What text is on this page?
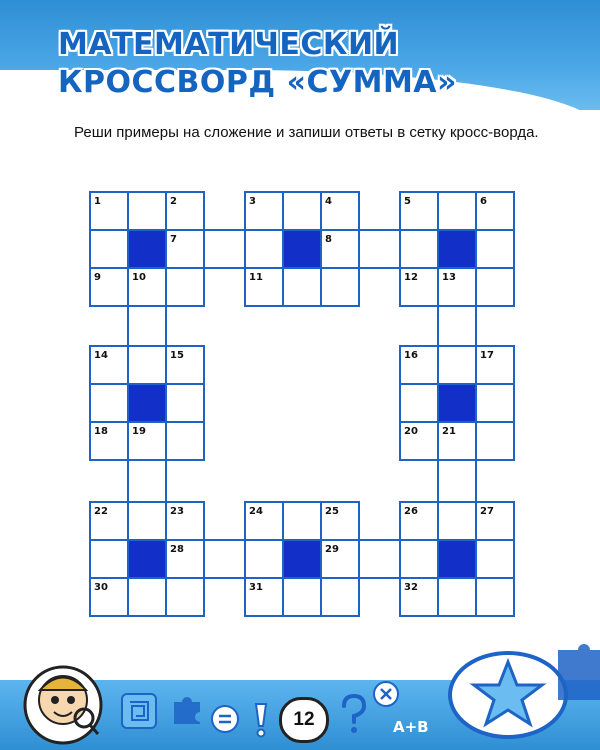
МАТЕМАТИЧЕСКИЙ
КРОССВОРД «СУММА»

Реши примеры на сложение и запиши ответы в сетку кросс-ворда.

1	2
7
9	10
3	4
8
11
5	6
12 13
14	15
18 19
16	17
20 21
22	23
28
30
24	25
29
31
26	27
32
12	A+B
